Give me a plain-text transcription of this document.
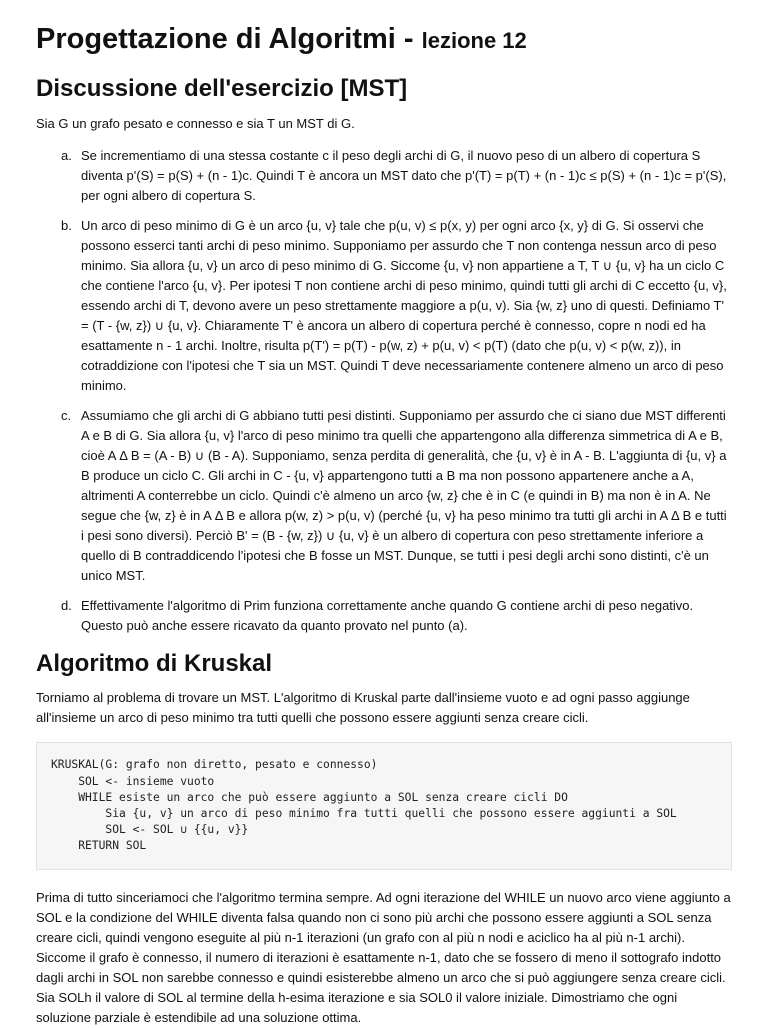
Progettazione di Algoritmi - lezione 12
Discussione dell'esercizio [MST]

Sia G un grafo pesato e connesso e sia T un MST di G.

a. Se incrementiamo di una stessa costante c il peso degli archi di G, il nuovo peso di un albero di copertura S diventa p'(S) = p(S) + (n - 1)c. Quindi T è ancora un MST dato che p'(T) = p(T) + (n - 1)c ≤ p(S) + (n - 1)c = p'(S), per ogni albero di copertura S.
b. Un arco di peso minimo di G è un arco {u, v} tale che p(u, v) ≤ p(x, y) per ogni arco {x, y} di G. Si osservi che possono esserci tanti archi di peso minimo. Supponiamo per assurdo che T non contenga nessun arco di peso minimo. Sia allora {u, v} un arco di peso minimo di G. Siccome {u, v} non appartiene a T, T ∪ {u, v} ha un ciclo C che contiene l'arco {u, v}. Per ipotesi T non contiene archi di peso minimo, quindi tutti gli archi di C eccetto {u, v}, essendo archi di T, devono avere un peso strettamente maggiore a p(u, v). Sia {w, z} uno di questi. Definiamo T' = (T - {w, z}) ∪ {u, v}. Chiaramente T' è ancora un albero di copertura perché è connesso, copre n nodi ed ha esattamente n - 1 archi. Inoltre, risulta p(T') = p(T) - p(w, z) + p(u, v) < p(T) (dato che p(u, v) < p(w, z)), in cotraddizione con l'ipotesi che T sia un MST. Quindi T deve necessariamente contenere almeno un arco di peso minimo.
c. Assumiamo che gli archi di G abbiano tutti pesi distinti. Supponiamo per assurdo che ci siano due MST differenti A e B di G. Sia allora {u, v} l'arco di peso minimo tra quelli che appartengono alla differenza simmetrica di A e B, cioè A Δ B = (A - B) ∪ (B - A). Supponiamo, senza perdita di generalità, che {u, v} è in A - B. L'aggiunta di {u, v} a B produce un ciclo C. Gli archi in C - {u, v} appartengono tutti a B ma non possono appartenere anche a A, altrimenti A conterrebbe un ciclo. Quindi c'è almeno un arco {w, z} che è in C (e quindi in B) ma non è in A. Ne segue che {w, z} è in A Δ B e allora p(w, z) > p(u, v) (perché {u, v} ha peso minimo tra tutti gli archi in A Δ B e tutti i pesi sono diversi). Perciò B' = (B - {w, z}) ∪ {u, v} è un albero di copertura con peso strettamente inferiore a quello di B contraddicendo l'ipotesi che B fosse un MST. Dunque, se tutti i pesi degli archi sono distinti, c'è un unico MST.
d. Effettivamente l'algoritmo di Prim funziona correttamente anche quando G contiene archi di peso negativo. Questo può anche essere ricavato da quanto provato nel punto (a).
Algoritmo di Kruskal

Torniamo al problema di trovare un MST. L'algoritmo di Kruskal parte dall'insieme vuoto e ad ogni passo aggiunge all'insieme un arco di peso minimo tra tutti quelli che possono essere aggiunti senza creare cicli.

KRUSKAL(G: grafo non diretto, pesato e connesso)
SOL <- insieme vuoto
WHILE esiste un arco che può essere aggiunto a SOL senza creare cicli DO
Sia {u, v} un arco di peso minimo fra tutti quelli che possono essere aggiunti a SOL
SOL <- SOL ∪ {{u, v}}
RETURN SOL

Prima di tutto sinceriamoci che l'algoritmo termina sempre. Ad ogni iterazione del WHILE un nuovo arco viene aggiunto a SOL e la condizione del WHILE diventa falsa quando non ci sono più archi che possono essere aggiunti a SOL senza creare cicli, quindi vengono eseguite al più n-1 iterazioni (un grafo con al più n nodi e aciclico ha al più n-1 archi). Siccome il grafo è connesso, il numero di iterazioni è esattamente n-1, dato che se fossero di meno il sottografo indotto dagli archi in SOL non sarebbe connesso e quindi esisterebbe almeno un arco che si può aggiungere senza creare cicli. Sia SOLh il valore di SOL al termine della h-esima iterazione e sia SOL0 il valore iniziale. Dimostriamo che ogni soluzione parziale è estendibile ad una soluzione ottima.
